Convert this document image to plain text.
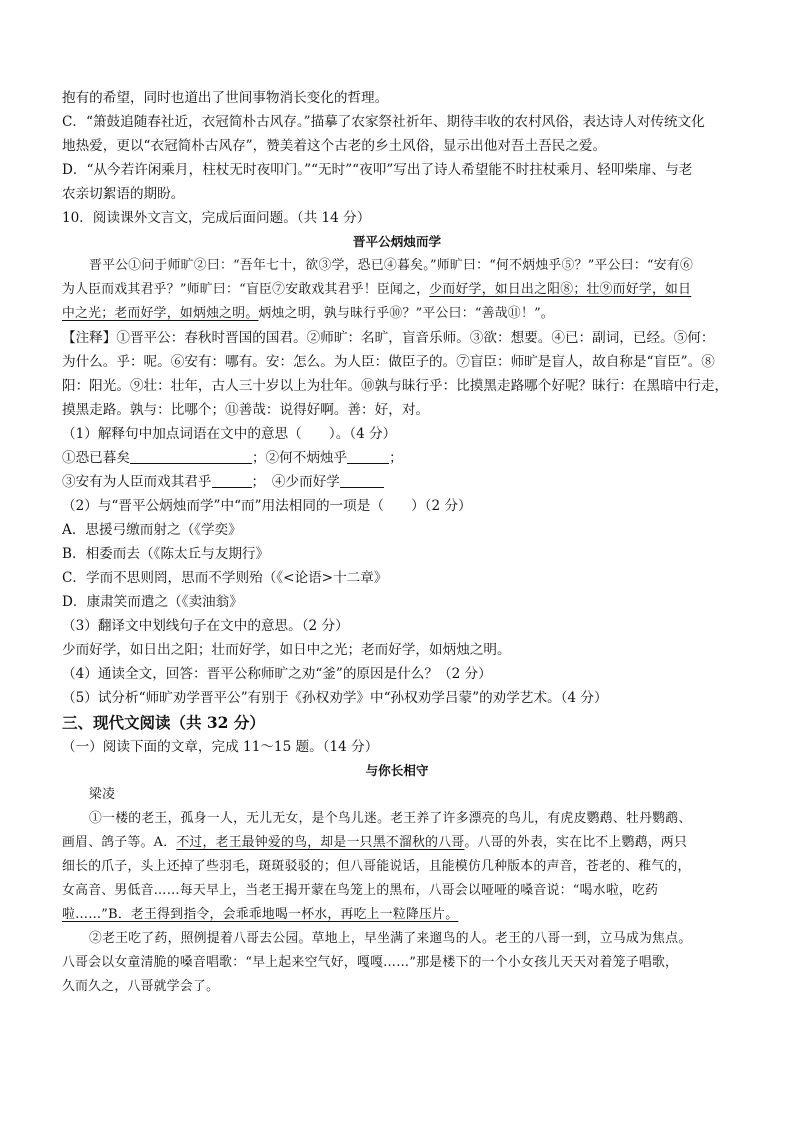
抱有的希望，同时也道出了世间事物消长变化的哲理。

C．“箫鼓追随春社近，衣冠简朴古风存。”描摹了农家祭社祈年、期待丰收的农村风俗，表达诗人对传统文化

地热爱，更以“衣冠简朴古风存”，赞美着这个古老的乡土风俗，显示出他对吾土吾民之爱。

D．“从今若许闲乘月，柱杖无时夜叩门。”“无时”“夜叩”写出了诗人希望能不时拄杖乘月、轻叩柴扉、与老

农亲切絮语的期盼。

10．阅读课外文言文，完成后面问题。（共 14 分）

晋平公炳烛而学

晋平公①问于师旷②曰：“吾年七十，欲③学，恐已④暮矣。”师旷曰：“何不炳烛乎⑤？”平公曰：“安有⑥

为人臣而戏其君乎？”师旷曰：“盲臣⑦安敢戏其君乎！臣闻之，少而好学，如日出之阳⑧；壮⑨而好学，如日

中之光；老而好学，如炳烛之明。炳烛之明，孰与昧行乎⑩？”平公曰：“善哉⑪！”。

【注释】①晋平公：春秋时晋国的国君。②师旷：名旷，盲音乐师。③欲：想要。④已：副词，已经。⑤何：

为什么。乎：呢。⑥安有：哪有。安：怎么。为人臣：做臣子的。⑦盲臣：师旷是盲人，故自称是“盲臣”。⑧

阳：阳光。⑨壮：壮年，古人三十岁以上为壮年。⑩孰与昧行乎：比摸黑走路哪个好呢？昧行：在黑暗中行走，

摸黑走路。孰与：比哪个；⑪善哉：说得好啊。善：好，对。

（1）解释句中加点词语在文中的意思（　　）。（4 分）

①恐已暮矣	；②何不炳烛乎	；

③安有为人臣而戏其君乎	；　④少而好学

（2）与“晋平公炳烛而学”中“而”用法相同的一项是（　　）（2 分）

A．思援弓缴而射之（《学奕》

B．相委而去（《陈太丘与友期行》

C．学而不思则罔，思而不学则殆（《<论语>十二章》

D．康肃笑而遣之（《卖油翁》

（3）翻译文中划线句子在文中的意思。（2 分）

少而好学，如日出之阳；壮而好学，如日中之光；老而好学，如炳烛之明。

（4）通读全文，回答：晋平公称师旷之劝“釜”的原因是什么？（2 分）

（5）试分析“师旷劝学晋平公”有别于《孙权劝学》中“孙权劝学吕蒙”的劝学艺术。（4 分）

三、现代文阅读（共 32 分）

（一）阅读下面的文章，完成 11～15 题。（14 分）

与你长相守

梁凌

①一楼的老王，孤身一人，无儿无女，是个鸟儿迷。老王养了许多漂亮的鸟儿，有虎皮鹦鹉、牡丹鹦鹉、

画眉、鸽子等。A．不过，老王最钟爱的鸟，却是一只黑不溜秋的八哥。八哥的外表，实在比不上鹦鹉，两只

细长的爪子，头上还掉了些羽毛，斑斑驳驳的；但八哥能说话，且能模仿几种版本的声音，苍老的、稚气的，

女高音、男低音……每天早上，当老王揭开蒙在鸟笼上的黑布，八哥会以哑哑的嗓音说：“喝水啦，吃药

啦……”B．老王得到指令，会乖乖地喝一杯水，再吃上一粒降压片。

②老王吃了药，照例提着八哥去公园。草地上，早坐满了来遛鸟的人。老王的八哥一到，立马成为焦点。

八哥会以女童清脆的嗓音唱歌：“早上起来空气好，嘎嘎……”那是楼下的一个小女孩儿天天对着笼子唱歌，

久而久之，八哥就学会了。
